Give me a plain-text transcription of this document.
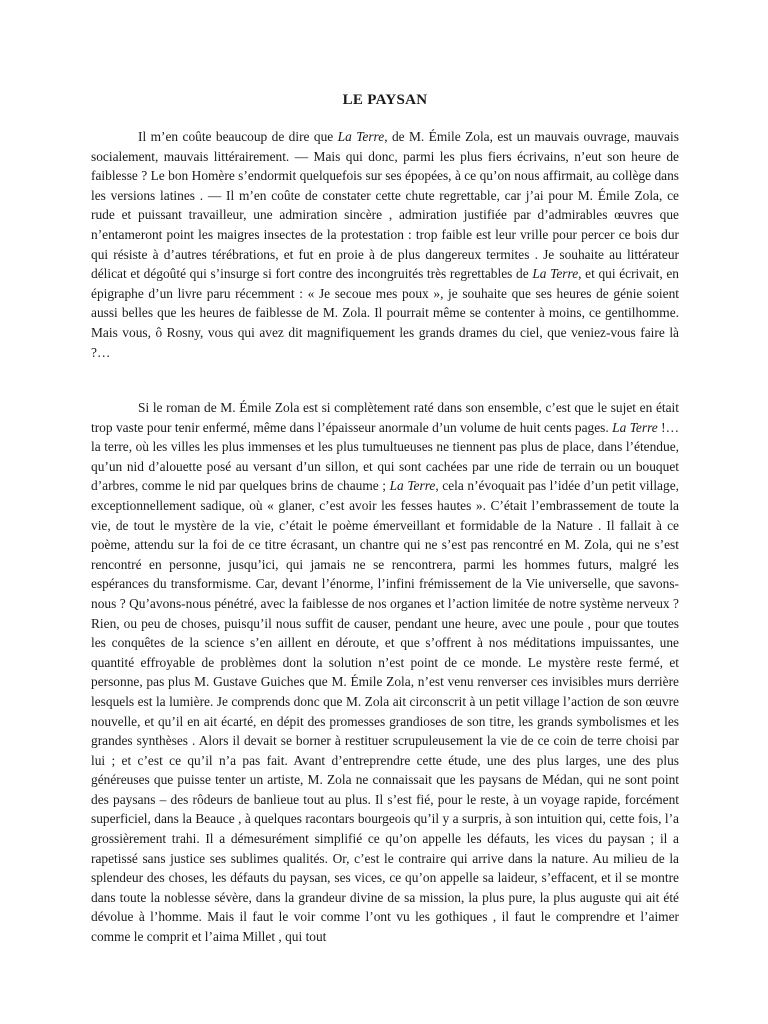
LE PAYSAN

Il m’en coûte beaucoup de dire que La Terre, de M. Émile Zola, est un mauvais ouvrage, mauvais socialement, mauvais littérairement. — Mais qui donc, parmi les plus fiers écrivains, n’eut son heure de faiblesse ? Le bon Homère s’endormit quelquefois sur ses épopées, à ce qu’on nous affirmait, au collège dans les versions latines . — Il m’en coûte de constater cette chute regrettable, car j’ai pour M. Émile Zola, ce rude et puissant travailleur, une admiration sincère , admiration justifiée par d’admirables œuvres que n’entameront point les maigres insectes de la protestation : trop faible est leur vrille pour percer ce bois dur qui résiste à d’autres térébrations, et fut en proie à de plus dangereux termites . Je souhaite au littérateur délicat et dégoûté qui s’insurge si fort contre des incongruités très regrettables de La Terre, et qui écrivait, en épigraphe d’un livre paru récemment : « Je secoue mes poux », je souhaite que ses heures de génie soient aussi belles que les heures de faiblesse de M. Zola. Il pourrait même se contenter à moins, ce gentilhomme. Mais vous, ô Rosny, vous qui avez dit magnifiquement les grands drames du ciel, que veniez-vous faire là ?…

Si le roman de M. Émile Zola est si complètement raté dans son ensemble, c’est que le sujet en était trop vaste pour tenir enfermé, même dans l’épaisseur anormale d’un volume de huit cents pages. La Terre !… la terre, où les villes les plus immenses et les plus tumultueuses ne tiennent pas plus de place, dans l’étendue, qu’un nid d’alouette posé au versant d’un sillon, et qui sont cachées par une ride de terrain ou un bouquet d’arbres, comme le nid par quelques brins de chaume ; La Terre, cela n’évoquait pas l’idée d’un petit village, exceptionnellement sadique, où « glaner, c’est avoir les fesses hautes ». C’était l’embrassement de toute la vie, de tout le mystère de la vie, c’était le poème émerveillant et formidable de la Nature . Il fallait à ce poème, attendu sur la foi de ce titre écrasant, un chantre qui ne s’est pas rencontré en M. Zola, qui ne s’est rencontré en personne, jusqu’ici, qui jamais ne se rencontrera, parmi les hommes futurs, malgré les espérances du transformisme. Car, devant l’énorme, l’infini frémissement de la Vie universelle, que savons-nous ? Qu’avons-nous pénétré, avec la faiblesse de nos organes et l’action limitée de notre système nerveux ? Rien, ou peu de choses, puisqu’il nous suffit de causer, pendant une heure, avec une poule , pour que toutes les conquêtes de la science s’en aillent en déroute, et que s’offrent à nos méditations impuissantes, une quantité effroyable de problèmes dont la solution n’est point de ce monde. Le mystère reste fermé, et personne, pas plus M. Gustave Guiches que M. Émile Zola, n’est venu renverser ces invisibles murs derrière lesquels est la lumière. Je comprends donc que M. Zola ait circonscrit à un petit village l’action de son œuvre nouvelle, et qu’il en ait écarté, en dépit des promesses grandioses de son titre, les grands symbolismes et les grandes synthèses . Alors il devait se borner à restituer scrupuleusement la vie de ce coin de terre choisi par lui ; et c’est ce qu’il n’a pas fait. Avant d’entreprendre cette étude, une des plus larges, une des plus généreuses que puisse tenter un artiste, M. Zola ne connaissait que les paysans de Médan, qui ne sont point des paysans – des rôdeurs de banlieue tout au plus. Il s’est fié, pour le reste, à un voyage rapide, forcément superficiel, dans la Beauce , à quelques racontars bourgeois qu’il y a surpris, à son intuition qui, cette fois, l’a grossièrement trahi. Il a démesurément simplifié ce qu’on appelle les défauts, les vices du paysan ; il a rapetissé sans justice ses sublimes qualités. Or, c’est le contraire qui arrive dans la nature. Au milieu de la splendeur des choses, les défauts du paysan, ses vices, ce qu’on appelle sa laideur, s’effacent, et il se montre dans toute la noblesse sévère, dans la grandeur divine de sa mission, la plus pure, la plus auguste qui ait été dévolue à l’homme. Mais il faut le voir comme l’ont vu les gothiques , il faut le comprendre et l’aimer comme le comprit et l’aima Millet , qui tout
